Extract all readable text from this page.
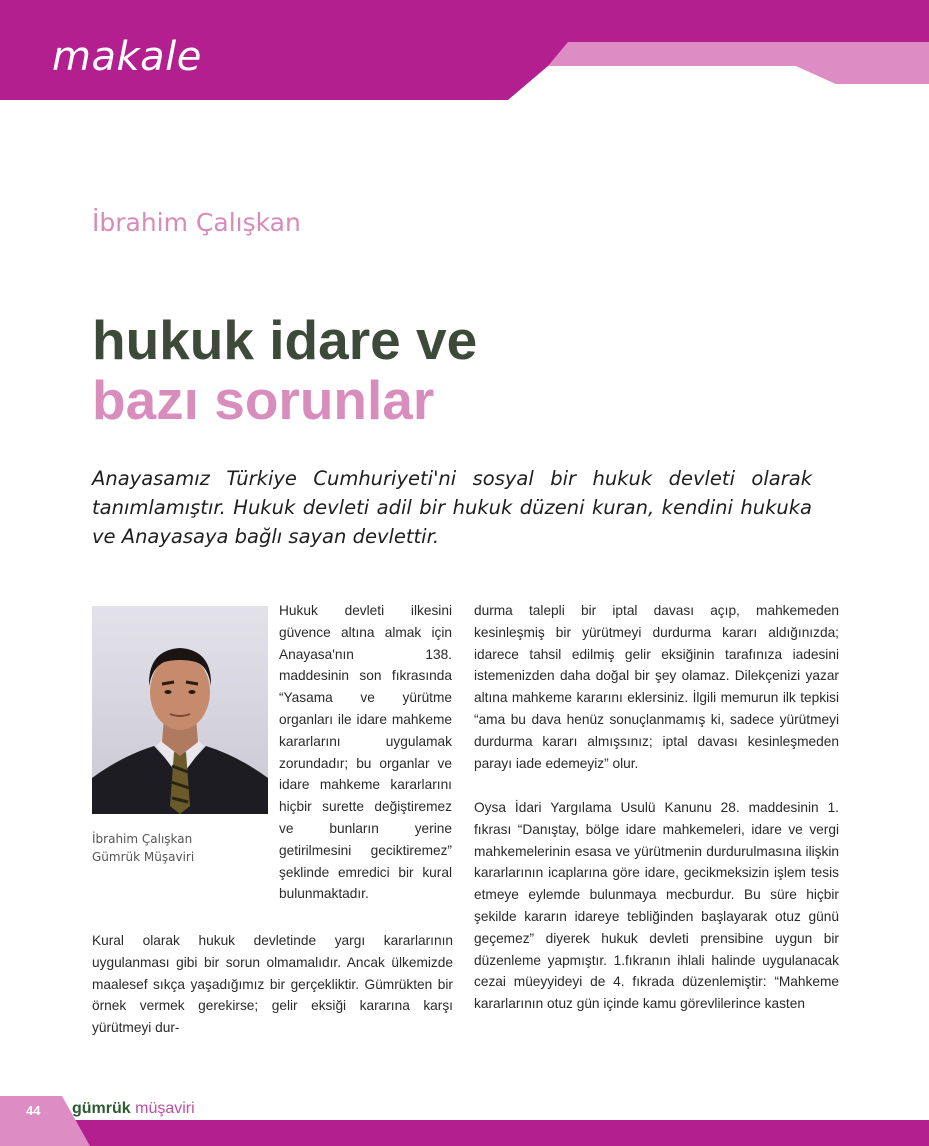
makale

İbrahim Çalışkan

hukuk idare ve
bazı sorunlar

Anayasamız Türkiye Cumhuriyeti'ni sosyal bir hukuk devleti olarak tanımlamıştır. Hukuk devleti adil bir hukuk düzeni kuran, kendini hukuka ve Anayasaya bağlı sayan devlettir.

İbrahim Çalışkan
Gümrük Müşaviri

Hukuk devleti ilkesini güvence altına almak için Anayasa'nın 138. maddesinin son fıkrasında “Yasama ve yürütme organları ile idare mahkeme kararlarını uygulamak zorundadır; bu organlar ve idare mahkeme kararlarını hiçbir surette değiştiremez ve bunların yerine getirilmesini geciktiremez” şeklinde emredici bir kural bulunmaktadır.

Kural olarak hukuk devletinde yargı kararlarının uygulanması gibi bir sorun olmamalıdır. Ancak ülkemizde maalesef sıkça yaşadığımız bir gerçekliktir. Gümrükten bir örnek vermek gerekirse; gelir eksiği kararına karşı yürütmeyi dur-

durma talepli bir iptal davası açıp, mahkemeden kesinleşmiş bir yürütmeyi durdurma kararı aldığınızda; idarece tahsil edilmiş gelir eksiğinin tarafınıza iadesini istemenizden daha doğal bir şey olamaz. Dilekçenizi yazar altına mahkeme kararını eklersiniz. İlgili memurun ilk tepkisi “ama bu dava henüz sonuçlanmamış ki, sadece yürütmeyi durdurma kararı almışsınız; iptal davası kesinleşmeden parayı iade edemeyiz” olur.

Oysa İdari Yargılama Usulü Kanunu 28. maddesinin 1. fıkrası “Danıştay, bölge idare mahkemeleri, idare ve vergi mahkemelerinin esasa ve yürütmenin durdurulmasına ilişkin kararlarının icaplarına göre idare, gecikmeksizin işlem tesis etmeye eylemde bulunmaya mecburdur. Bu süre hiçbir şekilde kararın idareye tebliğinden başlayarak otuz günü geçemez” diyerek hukuk devleti prensibine uygun bir düzenleme yapmıştır. 1.fıkranın ihlali halinde uygulanacak cezai müeyyideyi de 4. fıkrada düzenlemiştir: “Mahkeme kararlarının otuz gün içinde kamu görevlilerince kasten

44 gümrük müşaviri
